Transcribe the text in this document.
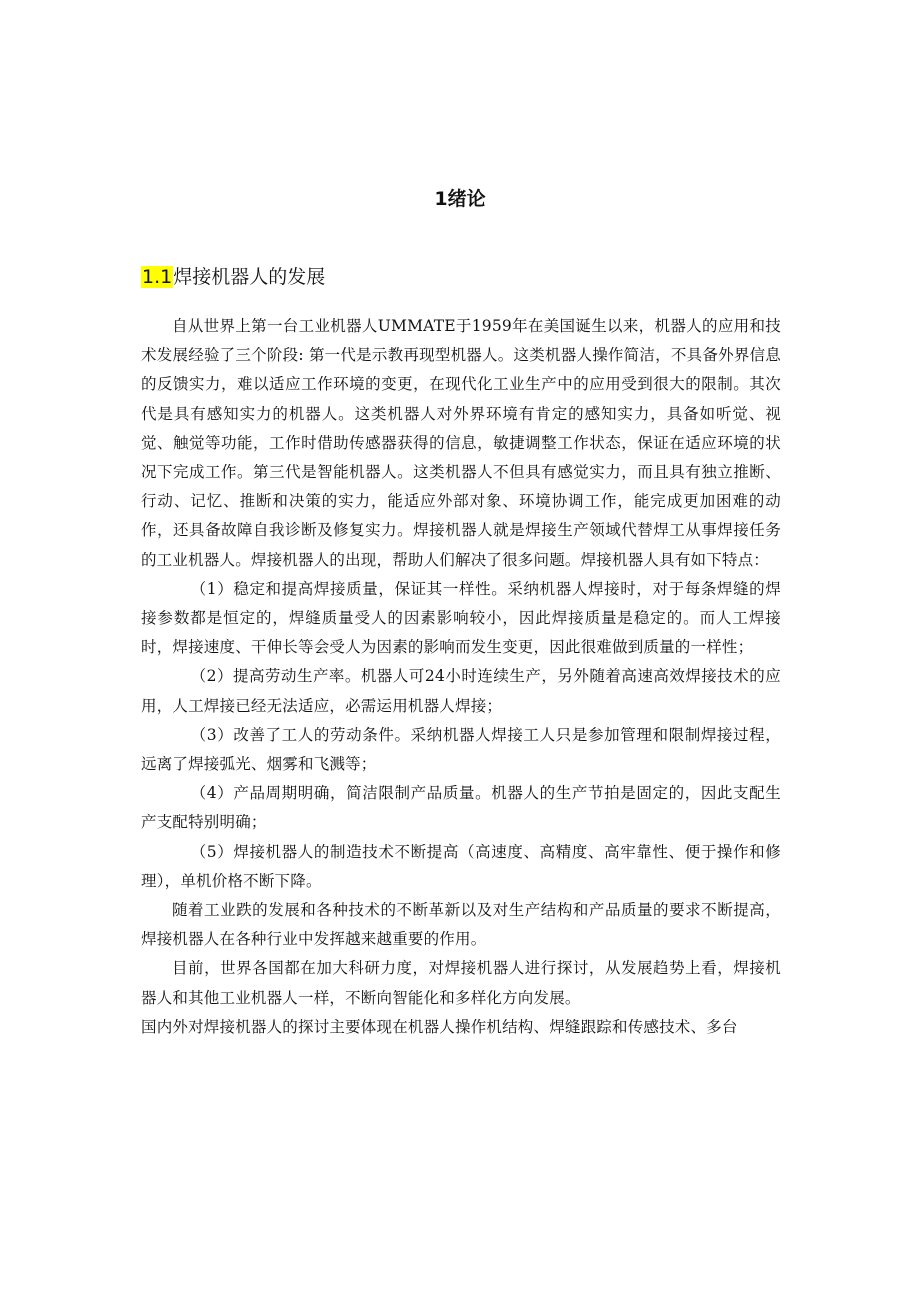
1绪论
1.1焊接机器人的发展

自从世界上第一台工业机器人UMMATE于1959年在美国诞生以来，机器人的应用和技术发展经验了三个阶段: 第一代是示教再现型机器人。这类机器人操作简洁，不具备外界信息的反馈实力，难以适应工作环境的变更，在现代化工业生产中的应用受到很大的限制。其次代是具有感知实力的机器人。这类机器人对外界环境有肯定的感知实力，具备如听觉、视觉、触觉等功能，工作时借助传感器获得的信息，敏捷调整工作状态，保证在适应环境的状况下完成工作。第三代是智能机器人。这类机器人不但具有感觉实力，而且具有独立推断、行动、记忆、推断和决策的实力，能适应外部对象、环境协调工作，能完成更加困难的动作，还具备故障自我诊断及修复实力。焊接机器人就是焊接生产领域代替焊工从事焊接任务的工业机器人。焊接机器人的出现，帮助人们解决了很多问题。焊接机器人具有如下特点：

（1）稳定和提高焊接质量，保证其一样性。采纳机器人焊接时，对于每条焊缝的焊接参数都是恒定的，焊缝质量受人的因素影响较小，因此焊接质量是稳定的。而人工焊接时，焊接速度、干伸长等会受人为因素的影响而发生变更，因此很难做到质量的一样性；

（2）提高劳动生产率。机器人可24小时连续生产，另外随着高速高效焊接技术的应用，人工焊接已经无法适应，必需运用机器人焊接；

（3）改善了工人的劳动条件。采纳机器人焊接工人只是参加管理和限制焊接过程，远离了焊接弧光、烟雾和飞溅等；

（4）产品周期明确，简洁限制产品质量。机器人的生产节拍是固定的，因此支配生产支配特别明确；

（5）焊接机器人的制造技术不断提高（高速度、高精度、高牢靠性、便于操作和修理），单机价格不断下降。

随着工业跌的发展和各种技术的不断革新以及对生产结构和产品质量的要求不断提高，焊接机器人在各种行业中发挥越来越重要的作用。

目前，世界各国都在加大科研力度，对焊接机器人进行探讨，从发展趋势上看，焊接机器人和其他工业机器人一样，不断向智能化和多样化方向发展。

国内外对焊接机器人的探讨主要体现在机器人操作机结构、焊缝跟踪和传感技术、多台
